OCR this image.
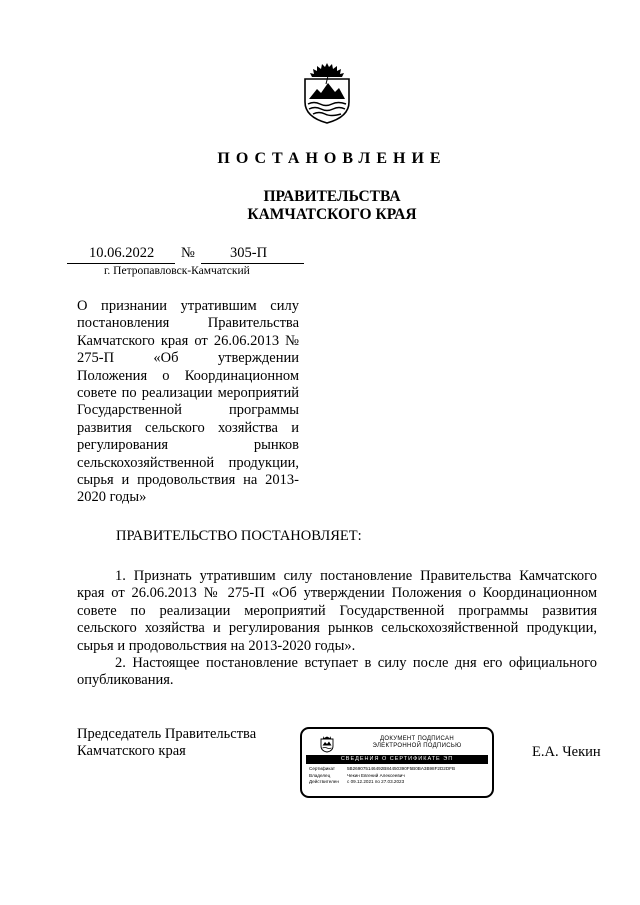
ПОСТАНОВЛЕНИЕ
ПРАВИТЕЛЬСТВА
КАМЧАТСКОГО КРАЯ
10.06.2022 № 305-П
г. Петропавловск-Камчатский
О признании утратившим силу постановления Правительства Камчатского края от 26.06.2013 № 275-П «Об утверждении Положения о Координационном совете по реализации мероприятий Государственной программы развития сельского хозяйства и регулирования рынков сельскохозяйственной продукции, сырья и продовольствия на 2013-2020 годы»
ПРАВИТЕЛЬСТВО ПОСТАНОВЛЯЕТ:

1. Признать утратившим силу постановление Правительства Камчатского края от 26.06.2013 № 275-П «Об утверждении Положения о Координационном совете по реализации мероприятий Государственной программы развития сельского хозяйства и регулирования рынков сельскохозяйственной продукции, сырья и продовольствия на 2013-2020 годы».

2. Настоящее постановление вступает в силу после дня его официального опубликования.

Председатель Правительства
Камчатского края
ДОКУМЕНТ ПОДПИСАН
ЭЛЕКТРОННОЙ ПОДПИСЬЮ
СВЕДЕНИЯ О СЕРТИФИКАТЕ ЭП
Сертификат	5B269075146492B84450390F5B0BA3B98F2D2DFB
Владелец	Чекин Евгений Алексеевич
Действителен	с 09.12.2021 по 27.03.2023
Е.А. Чекин
